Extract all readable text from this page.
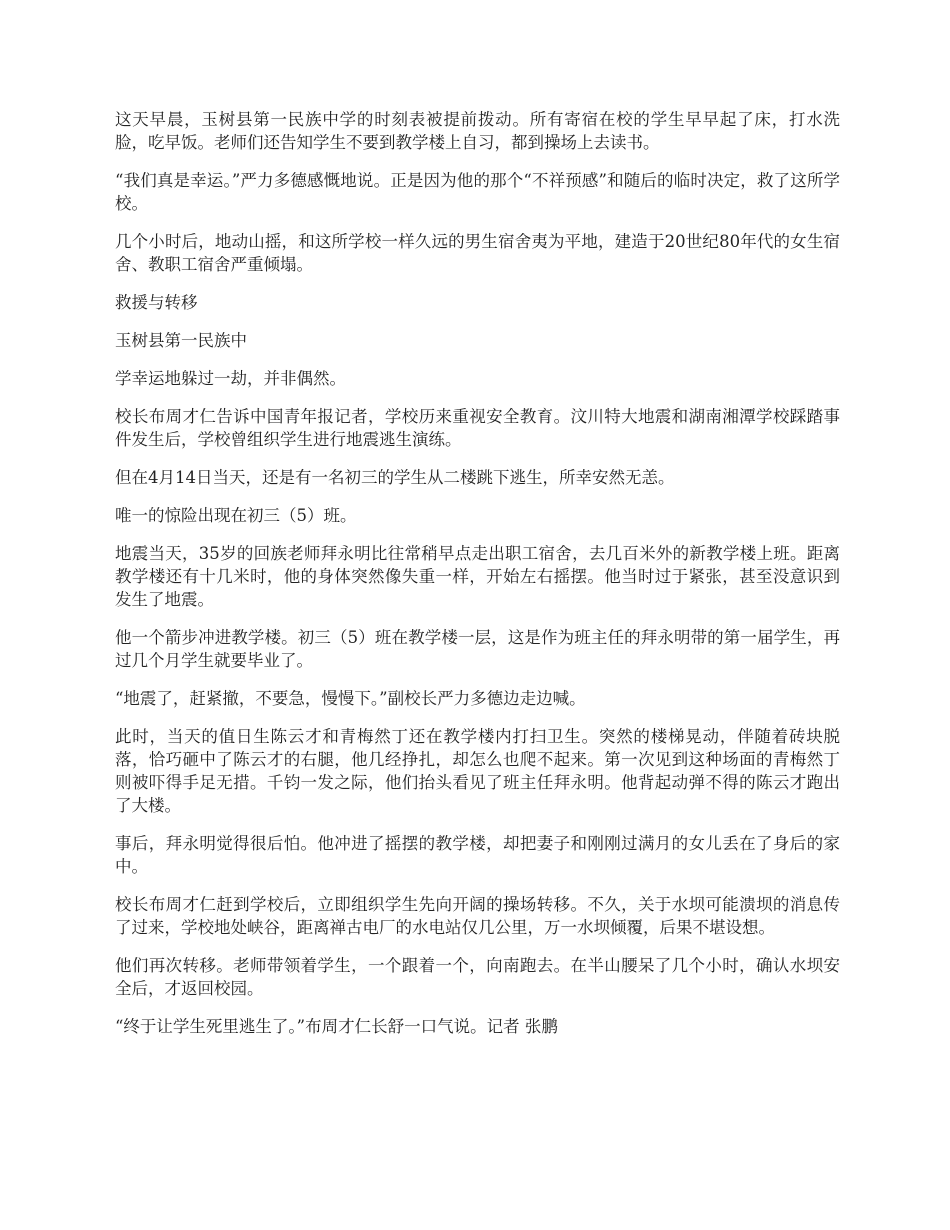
这天早晨，玉树县第一民族中学的时刻表被提前拨动。所有寄宿在校的学生早早起了床，打水洗脸，吃早饭。老师们还告知学生不要到教学楼上自习，都到操场上去读书。

“我们真是幸运。”严力多德感慨地说。正是因为他的那个“不祥预感”和随后的临时决定，救了这所学校。

几个小时后，地动山摇，和这所学校一样久远的男生宿舍夷为平地，建造于20世纪80年代的女生宿舍、教职工宿舍严重倾塌。

救援与转移

玉树县第一民族中

学幸运地躲过一劫，并非偶然。

校长布周才仁告诉中国青年报记者，学校历来重视安全教育。汶川特大地震和湖南湘潭学校踩踏事件发生后，学校曾组织学生进行地震逃生演练。

但在4月14日当天，还是有一名初三的学生从二楼跳下逃生，所幸安然无恙。

唯一的惊险出现在初三（5）班。

地震当天，35岁的回族老师拜永明比往常稍早点走出职工宿舍，去几百米外的新教学楼上班。距离教学楼还有十几米时，他的身体突然像失重一样，开始左右摇摆。他当时过于紧张，甚至没意识到发生了地震。

他一个箭步冲进教学楼。初三（5）班在教学楼一层，这是作为班主任的拜永明带的第一届学生，再过几个月学生就要毕业了。

“地震了，赶紧撤，不要急，慢慢下。”副校长严力多德边走边喊。

此时，当天的值日生陈云才和青梅然丁还在教学楼内打扫卫生。突然的楼梯晃动，伴随着砖块脱落，恰巧砸中了陈云才的右腿，他几经挣扎，却怎么也爬不起来。第一次见到这种场面的青梅然丁则被吓得手足无措。千钧一发之际，他们抬头看见了班主任拜永明。他背起动弹不得的陈云才跑出了大楼。

事后，拜永明觉得很后怕。他冲进了摇摆的教学楼，却把妻子和刚刚过满月的女儿丢在了身后的家中。

校长布周才仁赶到学校后，立即组织学生先向开阔的操场转移。不久，关于水坝可能溃坝的消息传了过来，学校地处峡谷，距离禅古电厂的水电站仅几公里，万一水坝倾覆，后果不堪设想。

他们再次转移。老师带领着学生，一个跟着一个，向南跑去。在半山腰呆了几个小时，确认水坝安全后，才返回校园。

“终于让学生死里逃生了。”布周才仁长舒一口气说。记者 张鹏
